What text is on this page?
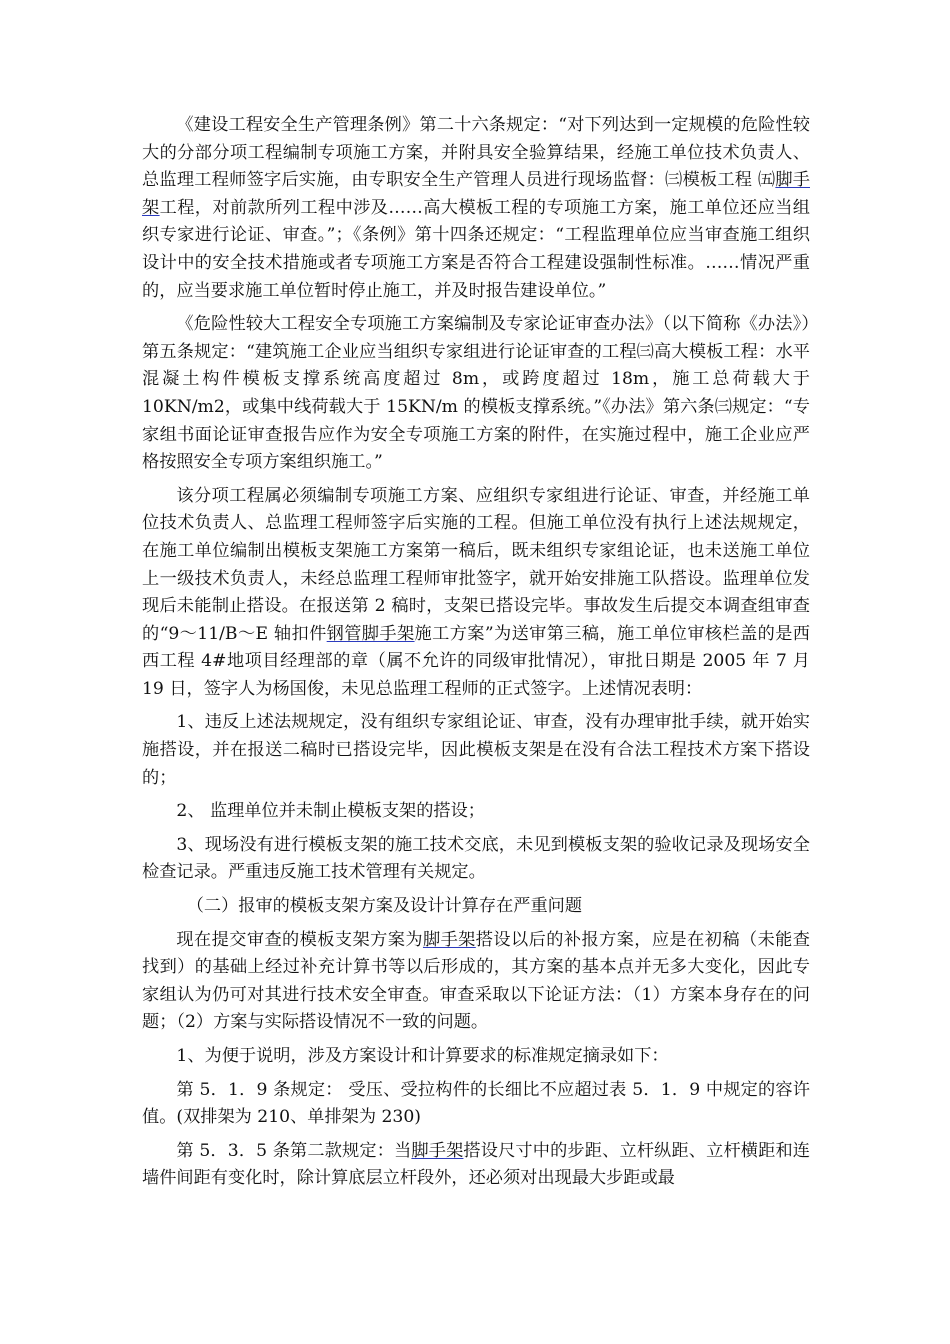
《建设工程安全生产管理条例》第二十六条规定：“对下列达到一定规模的危险性较大的分部分项工程编制专项施工方案，并附具安全验算结果，经施工单位技术负责人、总监理工程师签字后实施，由专职安全生产管理人员进行现场监督：㈢模板工程 ㈤脚手架工程，对前款所列工程中涉及……高大模板工程的专项施工方案，施工单位还应当组织专家进行论证、审查。”；《条例》第十四条还规定：“工程监理单位应当审查施工组织设计中的安全技术措施或者专项施工方案是否符合工程建设强制性标准。……情况严重的，应当要求施工单位暂时停止施工，并及时报告建设单位。”

《危险性较大工程安全专项施工方案编制及专家论证审查办法》（以下简称《办法》）第五条规定：“建筑施工企业应当组织专家组进行论证审查的工程㈢高大模板工程：水平混凝土构件模板支撑系统高度超过 8m，或跨度超过 18m，施工总荷载大于 10KN/m2，或集中线荷载大于 15KN/m 的模板支撑系统。”《办法》第六条㈢规定：“专家组书面论证审查报告应作为安全专项施工方案的附件，在实施过程中，施工企业应严格按照安全专项方案组织施工。”

该分项工程属必须编制专项施工方案、应组织专家组进行论证、审查，并经施工单位技术负责人、总监理工程师签字后实施的工程。但施工单位没有执行上述法规规定，在施工单位编制出模板支架施工方案第一稿后，既未组织专家组论证，也未送施工单位上一级技术负责人，未经总监理工程师审批签字，就开始安排施工队搭设。监理单位发现后未能制止搭设。在报送第 2 稿时，支架已搭设完毕。事故发生后提交本调查组审查的“9～11/B～E 轴扣件钢管脚手架施工方案”为送审第三稿，施工单位审核栏盖的是西西工程 4#地项目经理部的章（属不允许的同级审批情况），审批日期是 2005 年 7 月 19 日，签字人为杨国俊，未见总监理工程师的正式签字。上述情况表明：

1、违反上述法规规定，没有组织专家组论证、审查，没有办理审批手续，就开始实施搭设，并在报送二稿时已搭设完毕，因此模板支架是在没有合法工程技术方案下搭设的；

2、 监理单位并未制止模板支架的搭设；

3、现场没有进行模板支架的施工技术交底，未见到模板支架的验收记录及现场安全检查记录。严重违反施工技术管理有关规定。

（二）报审的模板支架方案及设计计算存在严重问题

现在提交审查的模板支架方案为脚手架搭设以后的补报方案，应是在初稿（未能查找到）的基础上经过补充计算书等以后形成的，其方案的基本点并无多大变化，因此专家组认为仍可对其进行技术安全审查。审查采取以下论证方法：（1）方案本身存在的问题；（2）方案与实际搭设情况不一致的问题。

1、为便于说明，涉及方案设计和计算要求的标准规定摘录如下：

第 5．1．9 条规定： 受压、受拉构件的长细比不应超过表 5．1．9 中规定的容许值。(双排架为 210、单排架为 230)

第 5．3．5 条第二款规定：当脚手架搭设尺寸中的步距、立杆纵距、立杆横距和连墙件间距有变化时，除计算底层立杆段外，还必须对出现最大步距或最
